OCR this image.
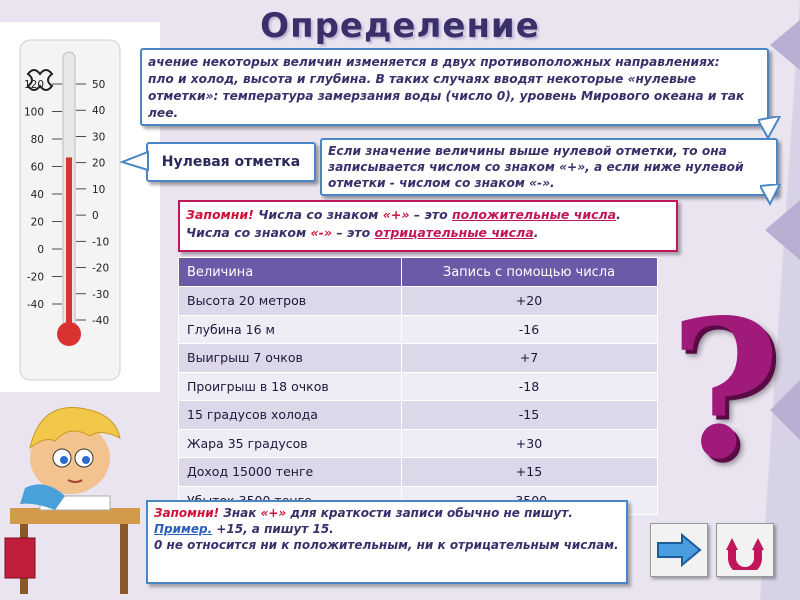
Определение
120
100
80
60
40
20
0
-20
-40
50
40
30
20
10
0
-10
-20
-30
-40

ачение некоторых величин изменяется в двух противоположных направлениях:
пло и холод, высота и глубина. В таких случаях вводят некоторые «нулевые
отметки»: температура замерзания воды (число 0), уровень Мирового океана и так
лее.

Нулевая отметка

Если значение величины выше нулевой отметки, то она записывается числом со знаком «+», а если ниже нулевой отметки - числом со знаком «-».

Запомни! Числа со знаком «+» – это положительные числа.
Числа со знаком «-» – это отрицательные числа.

Величина	Запись с помощью числа
Высота 20 метров	+20
Глубина 16 м	-16
Выигрыш 7 очков	+7
Проигрыш в 18 очков	-18
15 градусов холода	-15
Жара 35 градусов	+30
Доход 15000 тенге	+15

Запомни! Знак «+» для краткости записи обычно не пишут.
Пример. +15, а пишут 15.
0 не относится ни к положительным, ни к отрицательным числам.

?
